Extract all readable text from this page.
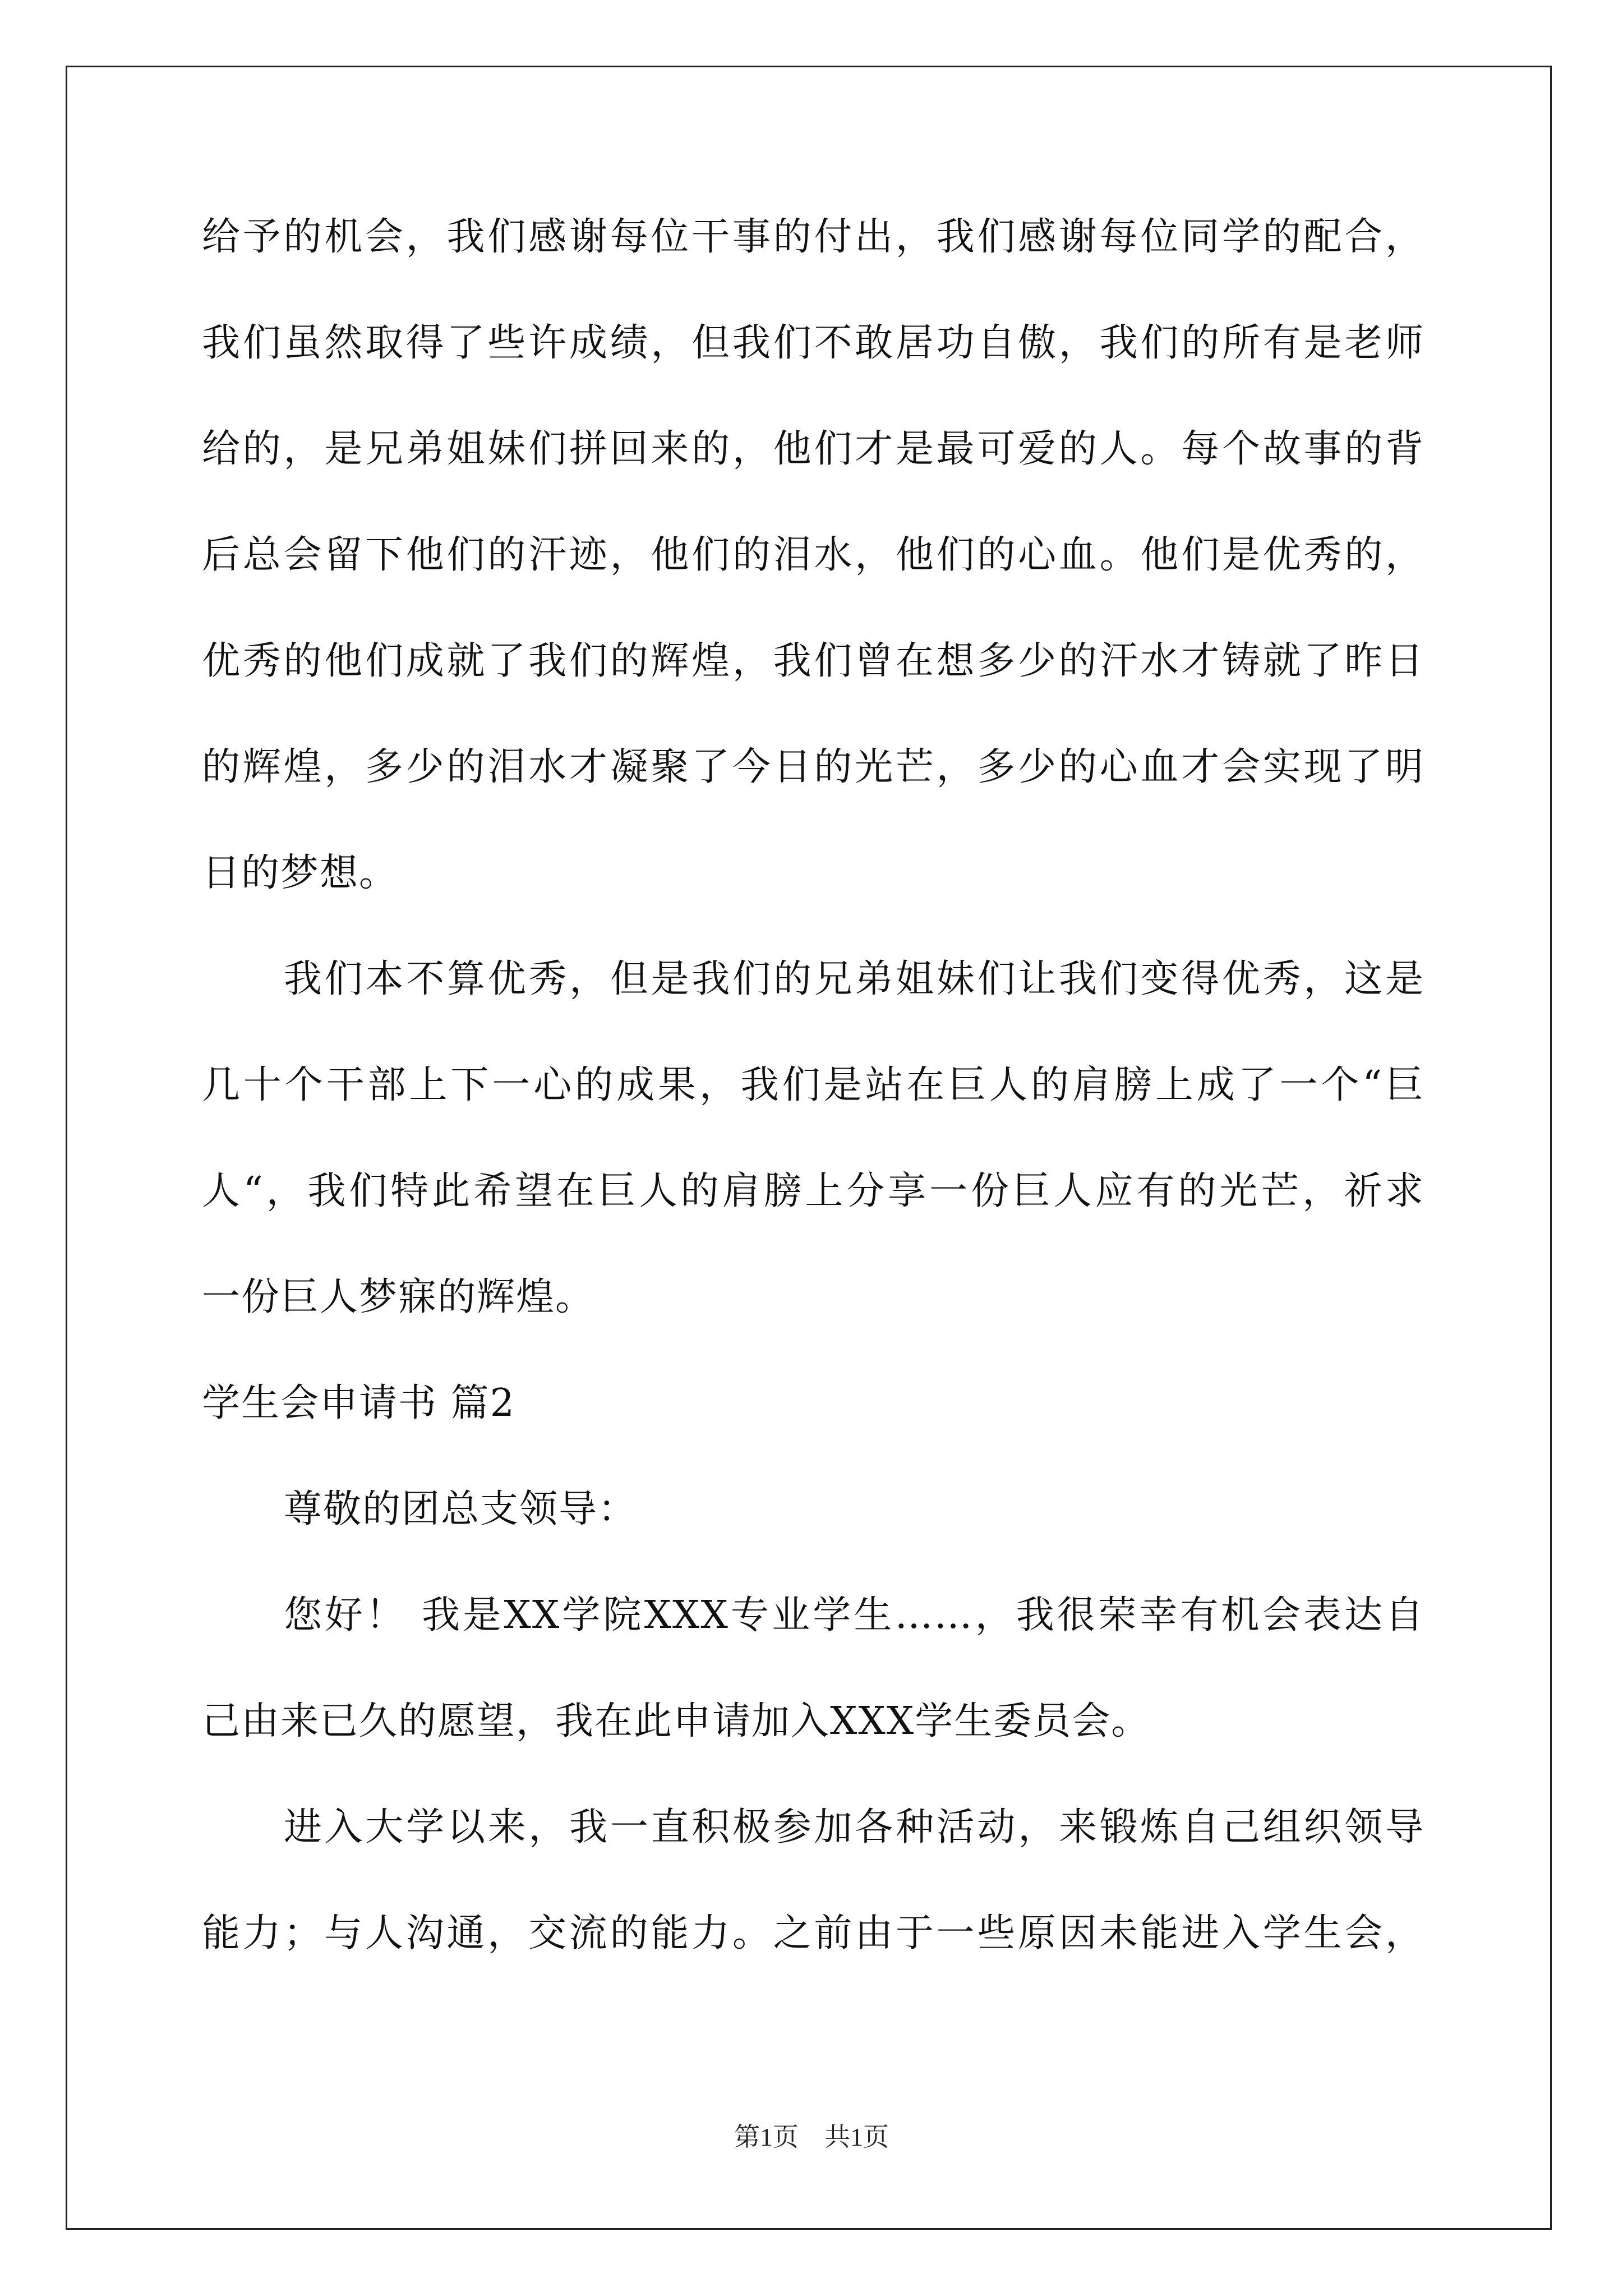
给予的机会，我们感谢每位干事的付出，我们感谢每位同学的配合，
我们虽然取得了些许成绩，但我们不敢居功自傲，我们的所有是老师
给的，是兄弟姐妹们拼回来的，他们才是最可爱的人。每个故事的背
后总会留下他们的汗迹，他们的泪水，他们的心血。他们是优秀的，
优秀的他们成就了我们的辉煌，我们曾在想多少的汗水才铸就了昨日
的辉煌，多少的泪水才凝聚了今日的光芒，多少的心血才会实现了明
日的梦想。
我们本不算优秀，但是我们的兄弟姐妹们让我们变得优秀，这是
几十个干部上下一心的成果，我们是站在巨人的肩膀上成了一个“巨
人“，我们特此希望在巨人的肩膀上分享一份巨人应有的光芒，祈求
一份巨人梦寐的辉煌。
学生会申请书 篇2
尊敬的团总支领导：
您好！ 我是XX学院XXX专业学生……，我很荣幸有机会表达自
己由来已久的愿望，我在此申请加入XXX学生委员会。
进入大学以来，我一直积极参加各种活动，来锻炼自己组织领导
能力；与人沟通，交流的能力。之前由于一些原因未能进入学生会，
第1页　共1页
